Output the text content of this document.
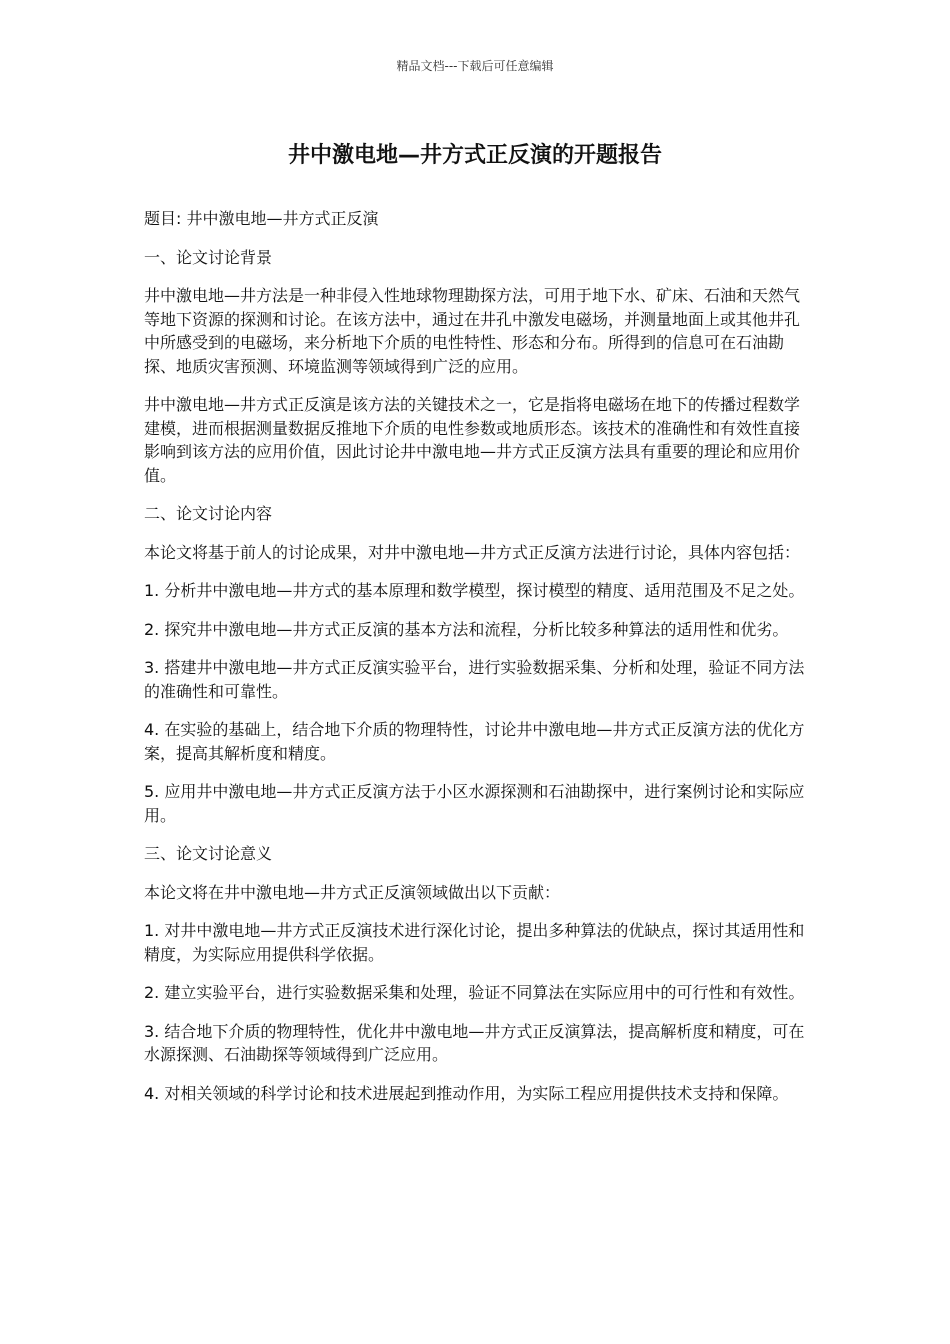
精品文档---下载后可任意编辑
井中激电地—井方式正反演的开题报告

题目: 井中激电地—井方式正反演

一、论文讨论背景

井中激电地—井方法是一种非侵入性地球物理勘探方法，可用于地下水、矿床、石油和天然气等地下资源的探测和讨论。在该方法中，通过在井孔中激发电磁场，并测量地面上或其他井孔中所感受到的电磁场，来分析地下介质的电性特性、形态和分布。所得到的信息可在石油勘探、地质灾害预测、环境监测等领域得到广泛的应用。

井中激电地—井方式正反演是该方法的关键技术之一，它是指将电磁场在地下的传播过程数学建模，进而根据测量数据反推地下介质的电性参数或地质形态。该技术的准确性和有效性直接影响到该方法的应用价值，因此讨论井中激电地—井方式正反演方法具有重要的理论和应用价值。

二、论文讨论内容

本论文将基于前人的讨论成果，对井中激电地—井方式正反演方法进行讨论，具体内容包括：

1. 分析井中激电地—井方式的基本原理和数学模型，探讨模型的精度、适用范围及不足之处。

2. 探究井中激电地—井方式正反演的基本方法和流程，分析比较多种算法的适用性和优劣。

3. 搭建井中激电地—井方式正反演实验平台，进行实验数据采集、分析和处理，验证不同方法的准确性和可靠性。

4. 在实验的基础上，结合地下介质的物理特性，讨论井中激电地—井方式正反演方法的优化方案，提高其解析度和精度。

5. 应用井中激电地—井方式正反演方法于小区水源探测和石油勘探中，进行案例讨论和实际应用。

三、论文讨论意义

本论文将在井中激电地—井方式正反演领域做出以下贡献：

1. 对井中激电地—井方式正反演技术进行深化讨论，提出多种算法的优缺点，探讨其适用性和精度，为实际应用提供科学依据。

2. 建立实验平台，进行实验数据采集和处理，验证不同算法在实际应用中的可行性和有效性。

3. 结合地下介质的物理特性，优化井中激电地—井方式正反演算法，提高解析度和精度，可在水源探测、石油勘探等领域得到广泛应用。

4. 对相关领域的科学讨论和技术进展起到推动作用，为实际工程应用提供技术支持和保障。
